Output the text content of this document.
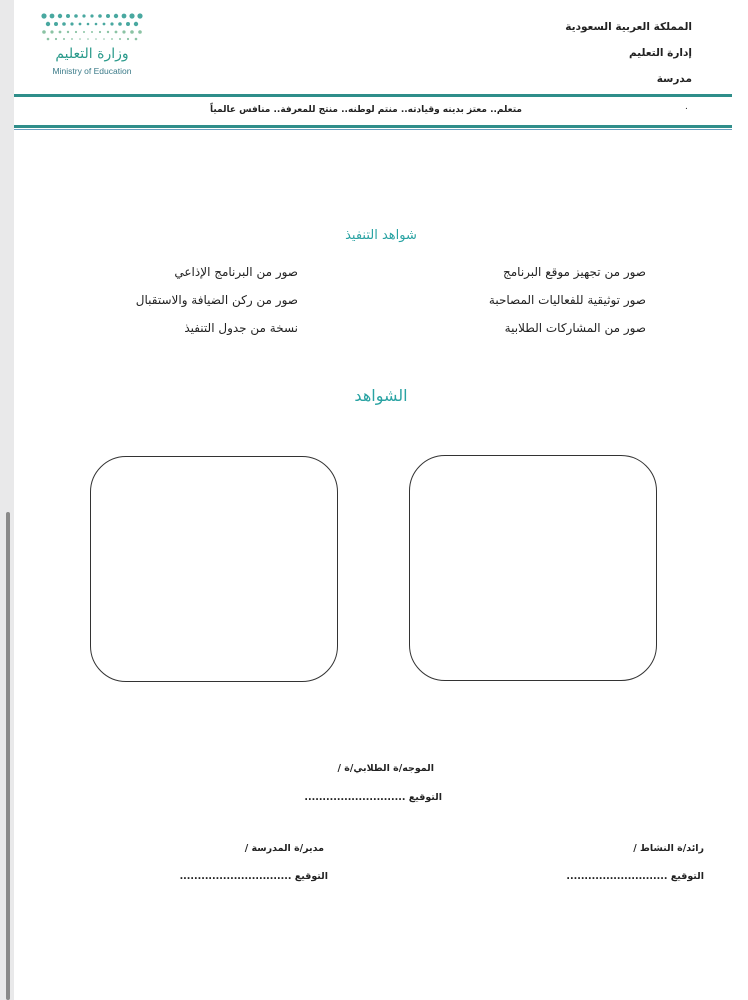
المملكة العربية السعودية
إدارة التعليم
مدرسة
وزارة التعليم
Ministry of Education
٠
متعلم.. معتز بدينه وقيادته.. منتم لوطنه.. منتج للمعرفة.. منافس عالمياً
شواهد التنفيذ
صور من تجهيز موقع البرنامج
صور توثيقية للفعاليات المصاحبة
صور من المشاركات الطلابية
صور من البرنامج الإذاعي
صور من ركن الضيافة والاستقبال
نسخة من جدول التنفيذ
الشواهد
الموجه/ة الطلابي/ة /
التوقيع ............................
رائد/ة النشاط /
التوقيع ............................
مدير/ة المدرسة /
التوقيع ...............................
